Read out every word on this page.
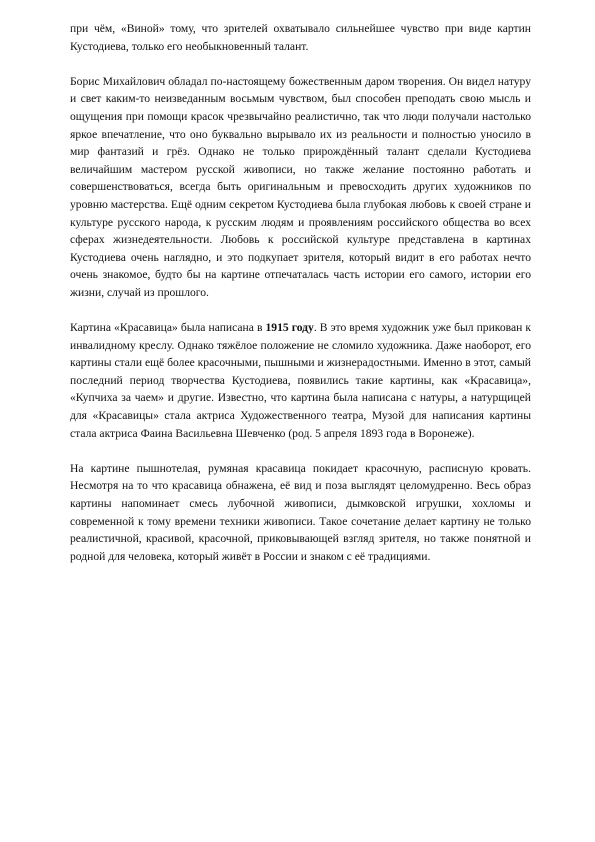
при чём, «Виной» тому, что зрителей охватывало сильнейшее чувство при виде картин Кустодиева, только его необыкновенный талант.

Борис Михайлович обладал по-настоящему божественным даром творения. Он видел натуру и свет каким-то неизведанным восьмым чувством, был способен преподать свою мысль и ощущения при помощи красок чрезвычайно реалистично, так что люди получали настолько яркое впечатление, что оно буквально вырывало их из реальности и полностью уносило в мир фантазий и грёз. Однако не только прирождённый талант сделали Кустодиева величайшим мастером русской живописи, но также желание постоянно работать и совершенствоваться, всегда быть оригинальным и превосходить других художников по уровню мастерства. Ещё одним секретом Кустодиева была глубокая любовь к своей стране и культуре русского народа, к русским людям и проявлениям российского общества во всех сферах жизнедеятельности. Любовь к российской культуре представлена в картинах Кустодиева очень наглядно, и это подкупает зрителя, который видит в его работах нечто очень знакомое, будто бы на картине отпечаталась часть истории его самого, истории его жизни, случай из прошлого.

Картина «Красавица» была написана в 1915 году. В это время художник уже был прикован к инвалидному креслу. Однако тяжёлое положение не сломило художника. Даже наоборот, его картины стали ещё более красочными, пышными и жизнерадостными. Именно в этот, самый последний период творчества Кустодиева, появились такие картины, как «Красавица», «Купчиха за чаем» и другие. Известно, что картина была написана с натуры, а натурщицей для «Красавицы» стала актриса Художественного театра, Музой для написания картины стала актриса Фаина Васильевна Шевченко (род. 5 апреля 1893 года в Воронеже).

На картине пышнотелая, румяная красавица покидает красочную, расписную кровать. Несмотря на то что красавица обнажена, её вид и поза выглядят целомудренно. Весь образ картины напоминает смесь лубочной живописи, дымковской игрушки, хохломы и современной к тому времени техники живописи. Такое сочетание делает картину не только реалистичной, красивой, красочной, приковывающей взгляд зрителя, но также понятной и родной для человека, который живёт в России и знаком с её традициями.
